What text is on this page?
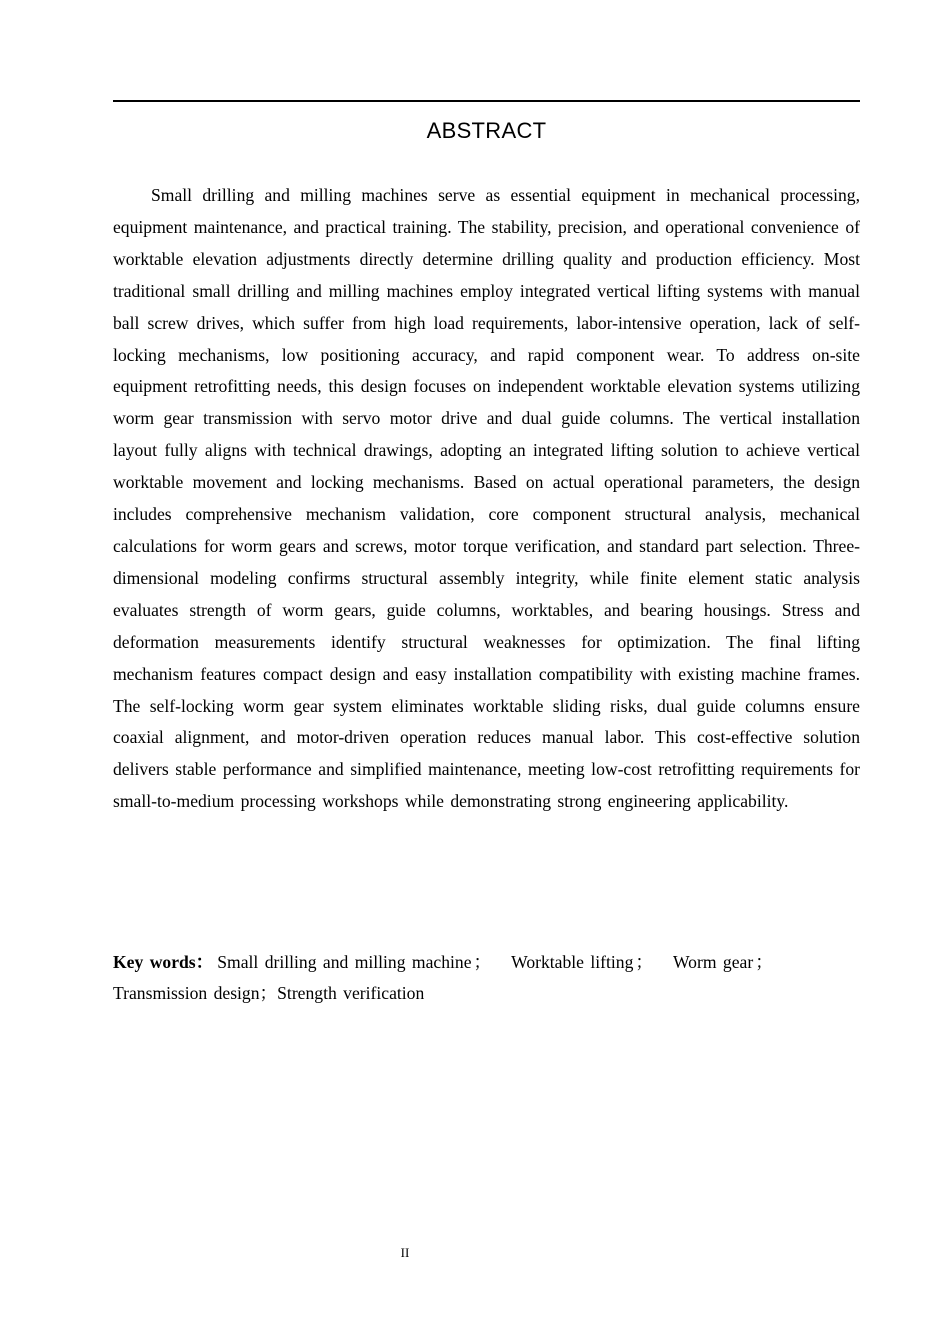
ABSTRACT

Small drilling and milling machines serve as essential equipment in mechanical processing, equipment maintenance, and practical training. The stability, precision, and operational convenience of worktable elevation adjustments directly determine drilling quality and production efficiency. Most traditional small drilling and milling machines employ integrated vertical lifting systems with manual ball screw drives, which suffer from high load requirements, labor-intensive operation, lack of self-locking mechanisms, low positioning accuracy, and rapid component wear. To address on-site equipment retrofitting needs, this design focuses on independent worktable elevation systems utilizing worm gear transmission with servo motor drive and dual guide columns. The vertical installation layout fully aligns with technical drawings, adopting an integrated lifting solution to achieve vertical worktable movement and locking mechanisms. Based on actual operational parameters, the design includes comprehensive mechanism validation, core component structural analysis, mechanical calculations for worm gears and screws, motor torque verification, and standard part selection. Three-dimensional modeling confirms structural assembly integrity, while finite element static analysis evaluates strength of worm gears, guide columns, worktables, and bearing housings. Stress and deformation measurements identify structural weaknesses for optimization. The final lifting mechanism features compact design and easy installation compatibility with existing machine frames. The self-locking worm gear system eliminates worktable sliding risks, dual guide columns ensure coaxial alignment, and motor-driven operation reduces manual labor. This cost-effective solution delivers stable performance and simplified maintenance, meeting low-cost retrofitting requirements for small-to-medium processing workshops while demonstrating strong engineering applicability.

Key words： Small drilling and milling machine ； Worktable lifting ； Worm gear ；
Transmission design；Strength verification

II
